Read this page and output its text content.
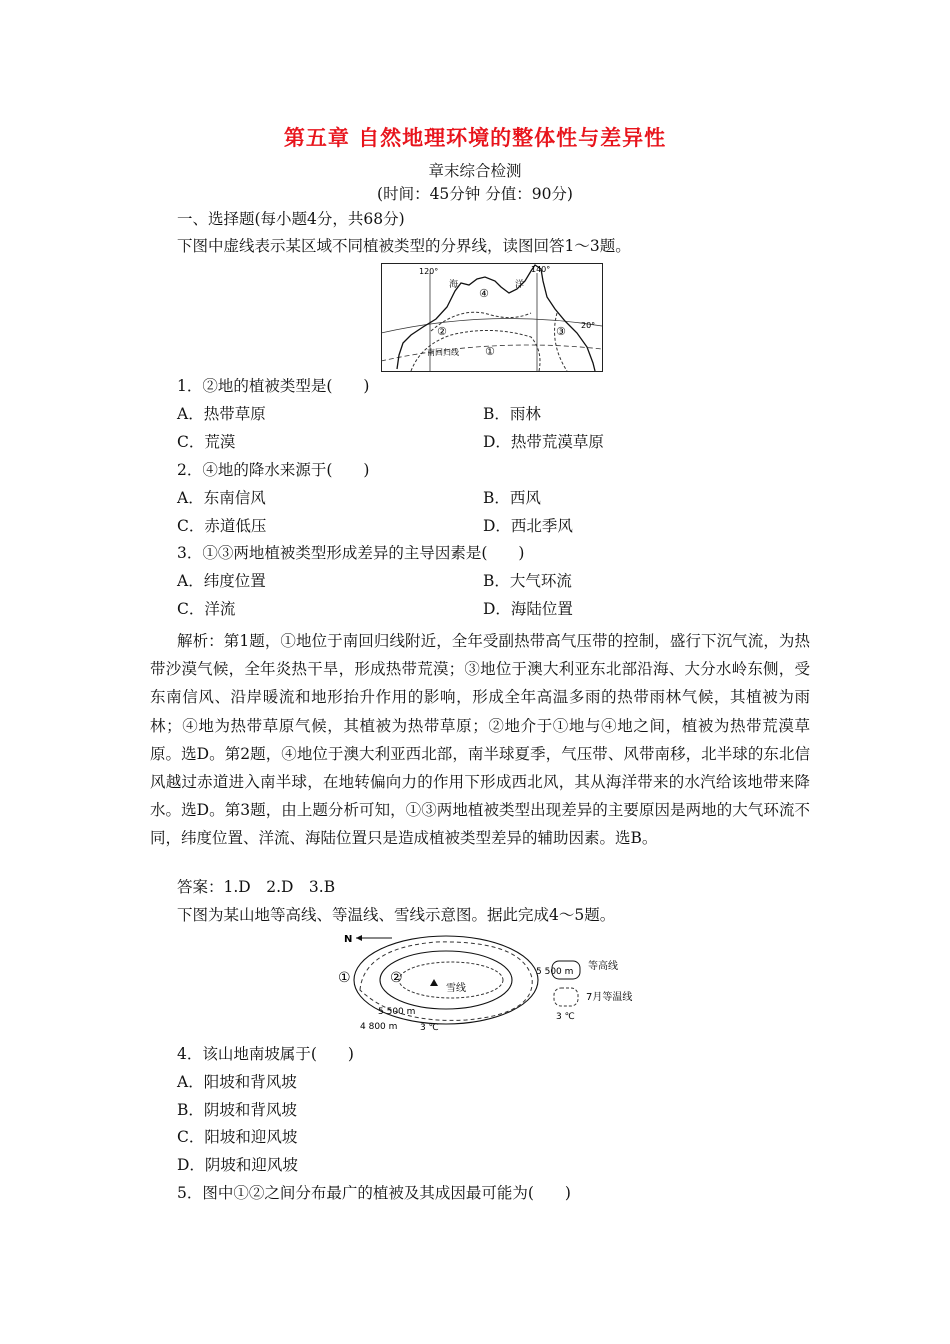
第五章 自然地理环境的整体性与差异性
章末综合检测
(时间：45分钟 分值：90分)
一、选择题(每小题4分，共68分)
下图中虚线表示某区域不同植被类型的分界线，读图回答1～3题。
120°	140°
20°
海	洋
南回归线 ①
②	③
④
1．②地的植被类型是(　　)
A．热带草原	B．雨林
C．荒漠	D．热带荒漠草原
2．④地的降水来源于(　　)
A．东南信风	B．西风
C．赤道低压	D．西北季风
3．①③两地植被类型形成差异的主导因素是(　　)
A．纬度位置	B．大气环流
C．洋流	D．海陆位置
解析：第1题，①地位于南回归线附近，全年受副热带高气压带的控制，盛行下沉气流，为热带沙漠气候，全年炎热干旱，形成热带荒漠；③地位于澳大利亚东北部沿海、大分水岭东侧，受东南信风、沿岸暖流和地形抬升作用的影响，形成全年高温多雨的热带雨林气候，其植被为雨林；④地为热带草原气候，其植被为热带草原；②地介于①地与④地之间，植被为热带荒漠草原。选D。第2题，④地位于澳大利亚西北部，南半球夏季，气压带、风带南移，北半球的东北信风越过赤道进入南半球，在地转偏向力的作用下形成西北风，其从海洋带来的水汽给该地带来降水。选D。第3题，由上题分析可知，①③两地植被类型出现差异的主要原因是两地的大气环流不同，纬度位置、洋流、海陆位置只是造成植被类型差异的辅助因素。选B。
答案：1.D　2.D　3.B
下图为某山地等高线、等温线、雪线示意图。据此完成4～5题。
N
①	②
5 500 m
4 800 m	3 ℃
雪线
5 500 m 等高线
3 ℃
7月等温线
4．该山地南坡属于(　　)
A．阳坡和背风坡
B．阴坡和背风坡
C．阳坡和迎风坡
D．阴坡和迎风坡
5．图中①②之间分布最广的植被及其成因最可能为(　　)
